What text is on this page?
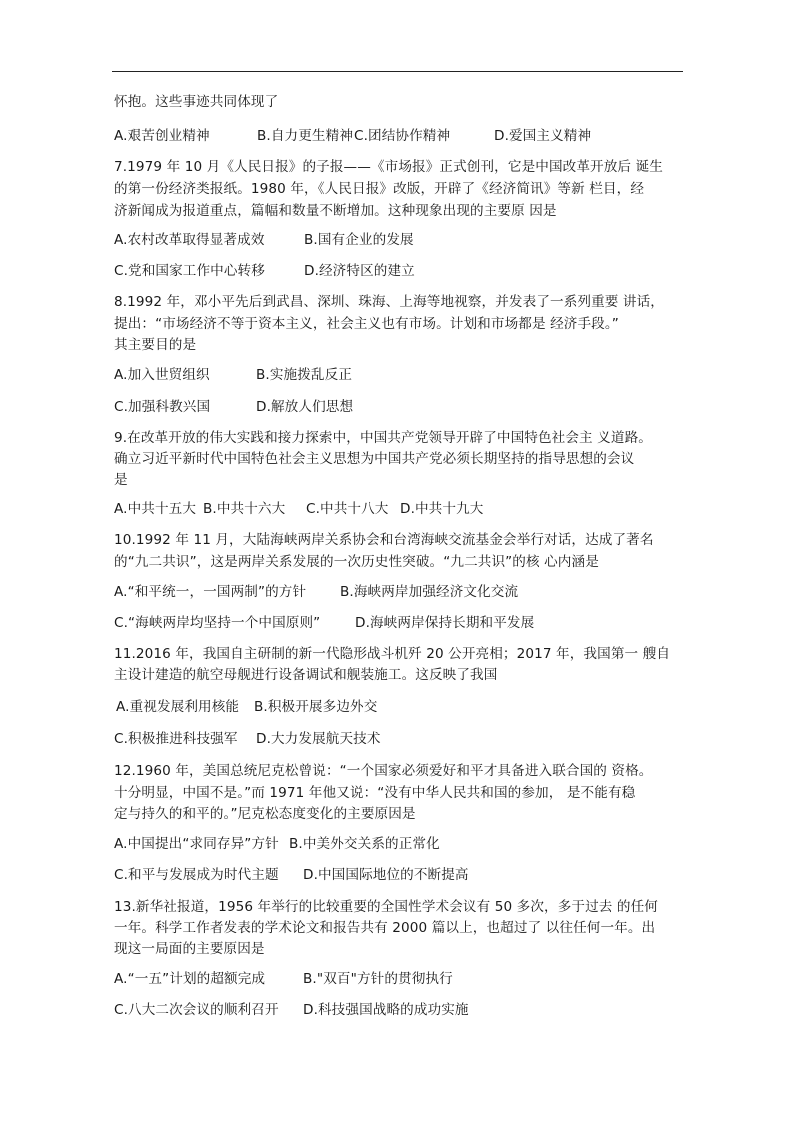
怀抱。这些事迹共同体现了
A.艰苦创业精神	B.自力更生精神C.团结协作精神	D.爱国主义精神
7.1979 年 10 月《人民日报》的子报——《市场报》正式创刊，它是中国改革开放后 诞生
的第一份经济类报纸。1980 年，《人民日报》改版，开辟了《经济简讯》等新 栏目，经
济新闻成为报道重点，篇幅和数量不断增加。这种现象出现的主要原 因是
A.农村改革取得显著成效	B.国有企业的发展
C.党和国家工作中心转移	D.经济特区的建立
8.1992 年，邓小平先后到武昌、深圳、珠海、上海等地视察，并发表了一系列重要 讲话，
提出：“市场经济不等于资本主义，社会主义也有市场。计划和市场都是 经济手段。”
其主要目的是
A.加入世贸组织	B.实施拨乱反正
C.加强科教兴国	D.解放人们思想
9.在改革开放的伟大实践和接力探索中，中国共产党领导开辟了中国特色社会主 义道路。
确立习近平新时代中国特色社会主义思想为中国共产党必须长期坚持的指导思想的会议
是
A.中共十五大 B.中共十六大 C.中共十八大 D.中共十九大
10.1992 年 11 月，大陆海峡两岸关系协会和台湾海峡交流基金会举行对话，达成了著名
的“九二共识”，这是两岸关系发展的一次历史性突破。“九二共识”的核 心内涵是
A.“和平统一，一国两制”的方针 B.海峡两岸加强经济文化交流
C.“海峡两岸均坚持一个中国原则”	D.海峡两岸保持长期和平发展
11.2016 年，我国自主研制的新一代隐形战斗机歼 20 公开亮相；2017 年，我国第一 艘自
主设计建造的航空母舰进行设备调试和舰装施工。这反映了我国
A.重视发展利用核能 B.积极开展多边外交
C.积极推进科技强军 D.大力发展航天技术
12.1960 年，美国总统尼克松曾说：“一个国家必须爱好和平才具备进入联合国的 资格。
十分明显，中国不是。”而 1971 年他又说：“没有中华人民共和国的参加， 是不能有稳
定与持久的和平的。”尼克松态度变化的主要原因是
A.中国提出“求同存异”方针 B.中美外交关系的正常化
C.和平与发展成为时代主题 D.中国国际地位的不断提高
13.新华社报道，1956 年举行的比较重要的全国性学术会议有 50 多次，多于过去 的任何
一年。科学工作者发表的学术论文和报告共有 2000 篇以上，也超过了 以往任何一年。出
现这一局面的主要原因是
A.“一五”计划的超额完成	B."双百"方针的贯彻执行
C.八大二次会议的顺利召开 D.科技强国战略的成功实施
